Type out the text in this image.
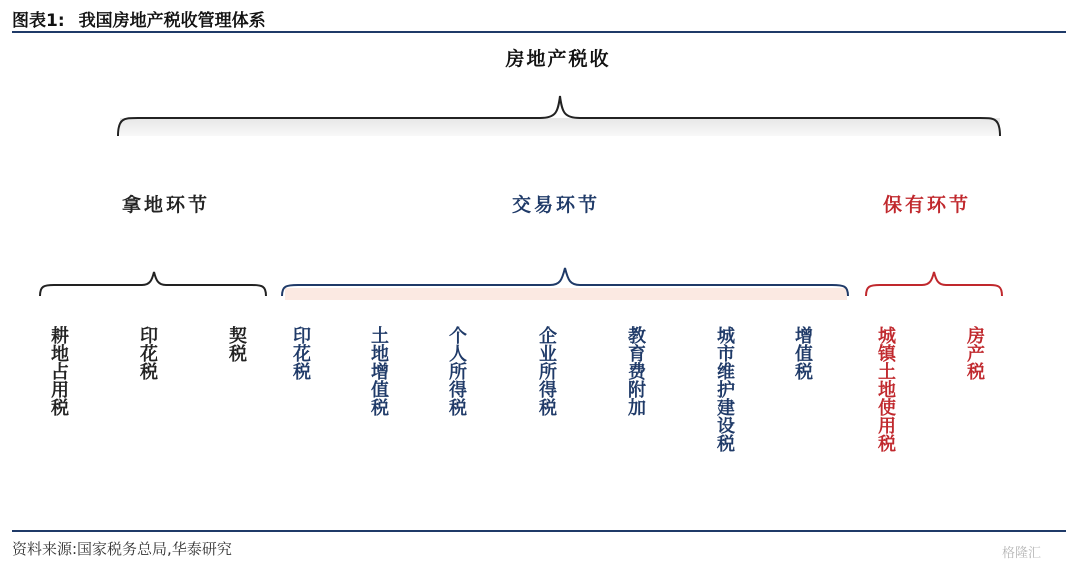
图表1: 我国房地产税收管理体系
房地产税收
拿地环节	交易环节	保有环节
耕地占用税	印花税	契税 印花税	土地增值税	个人所得税	企业所得税	教育费附加	城市维护建设税	增值税	城镇土地使用税	房产税
资料来源:国家税务总局,华泰研究	格隆汇
